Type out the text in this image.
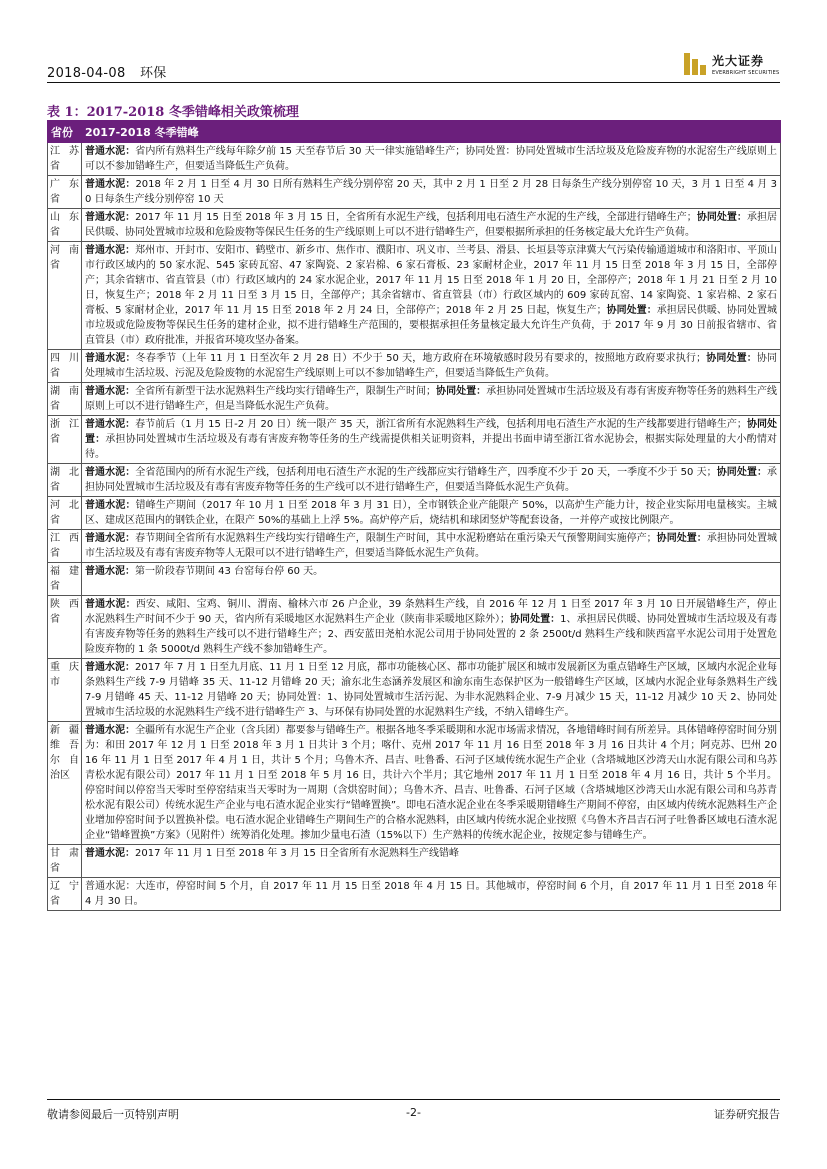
2018-04-08 环保
光大证券
EVERBRIGHT SECURITIES
表 1：2017-2018 冬季错峰相关政策梳理
省份	2017-2018 冬季错峰
江苏省	普通水泥：省内所有熟料生产线每年除夕前 15 天至春节后 30 天一律实施错峰生产；协同处置：协同处置城市生活垃圾及危险废弃物的水泥窑生产线原则上可以不参加错峰生产，但要适当降低生产负荷。
广东省	普通水泥：2018 年 2 月 1 日至 4 月 30 日所有熟料生产线分别停窑 20 天，其中 2 月 1 日至 2 月 28 日每条生产线分别停窑 10 天，3 月 1 日至 4 月 30 日每条生产线分别停窑 10 天
山东省	普通水泥：2017 年 11 月 15 日至 2018 年 3 月 15 日，全省所有水泥生产线，包括利用电石渣生产水泥的生产线，全部进行错峰生产；协同处置：承担居民供暖、协同处置城市垃圾和危险废物等保民生任务的生产线原则上可以不进行错峰生产，但要根据所承担的任务核定最大允许生产负荷。
河南省	普通水泥：郑州市、开封市、安阳市、鹤壁市、新乡市、焦作市、濮阳市、巩义市、兰考县、滑县、长垣县等京津冀大气污染传输通道城市和洛阳市、平顶山市行政区域内的 50 家水泥、545 家砖瓦窑、47 家陶瓷、2 家岩棉、6 家石膏板、23 家耐材企业，2017 年 11 月 15 日至 2018 年 3 月 15 日，全部停产；其余省辖市、省直管县（市）行政区域内的 24 家水泥企业，2017 年 11 月 15 日至 2018 年 1 月 20 日，全部停产；2018 年 1 月 21 日至 2 月 10 日，恢复生产；2018 年 2 月 11 日至 3 月 15 日，全部停产；其余省辖市、省直管县（市）行政区域内的 609 家砖瓦窑、14 家陶瓷、1 家岩棉、2 家石膏板、5 家耐材企业，2017 年 11 月 15 日至 2018 年 2 月 24 日，全部停产；2018 年 2 月 25 日起，恢复生产；协同处置：承担居民供暖、协同处置城市垃圾或危险废物等保民生任务的建材企业，拟不进行错峰生产范围的，要根据承担任务量核定最大允许生产负荷，于 2017 年 9 月 30 日前报省辖市、省直管县（市）政府批准，并报省环境攻坚办备案。
四川省	普通水泥：冬春季节（上年 11 月 1 日至次年 2 月 28 日）不少于 50 天，地方政府在环境敏感时段另有要求的，按照地方政府要求执行；协同处置：协同处理城市生活垃圾、污泥及危险废物的水泥窑生产线原则上可以不参加错峰生产，但要适当降低生产负荷。
湖南省	普通水泥：全省所有新型干法水泥熟料生产线均实行错峰生产，限制生产时间；协同处置：承担协同处置城市生活垃圾及有毒有害废弃物等任务的熟料生产线原则上可以不进行错峰生产，但是当降低水泥生产负荷。
浙江省	普通水泥：春节前后（1 月 15 日-2 月 20 日）统一限产 35 天，浙江省所有水泥熟料生产线，包括利用电石渣生产水泥的生产线都要进行错峰生产；协同处置：承担协同处置城市生活垃圾及有毒有害废弃物等任务的生产线需提供相关证明资料，并提出书面申请至浙江省水泥协会，根据实际处理量的大小酌情对待。
湖北省	普通水泥：全省范围内的所有水泥生产线，包括利用电石渣生产水泥的生产线都应实行错峰生产，四季度不少于 20 天，一季度不少于 50 天；协同处置：承担协同处置城市生活垃圾及有毒有害废弃物等任务的生产线可以不进行错峰生产，但要适当降低水泥生产负荷。
河北省	普通水泥：错峰生产期间（2017 年 10 月 1 日至 2018 年 3 月 31 日），全市钢铁企业产能限产 50%，以高炉生产能力计，按企业实际用电量核实。主城区、建成区范围内的钢铁企业，在限产 50%的基础上上浮 5%。高炉停产后，烧结机和球团竖炉等配套设备，一并停产或按比例限产。
江西省	普通水泥：春节期间全省所有水泥熟料生产线均实行错峰生产，限制生产时间，其中水泥粉磨站在重污染天气预警期间实施停产；协同处置：承担协同处置城市生活垃圾及有毒有害废弃物等人无限可以不进行错峰生产，但要适当降低水泥生产负荷。
福建省	普通水泥：第一阶段春节期间 43 台窑每台停 60 天。
陕西省	普通水泥：西安、咸阳、宝鸡、铜川、渭南、榆林六市 26 户企业，39 条熟料生产线，自 2016 年 12 月 1 日至 2017 年 3 月 10 日开展错峰生产，停止水泥熟料生产时间不少于 90 天，省内所有采暖地区水泥熟料生产企业（陕南非采暖地区除外）；协同处置：1、承担居民供暖、协同处置城市生活垃圾及有毒有害废弃物等任务的熟料生产线可以不进行错峰生产；2、西安蓝田尧柏水泥公司用于协同处置的 2 条 2500t/d 熟料生产线和陕西富平水泥公司用于处置危险废弃物的 1 条 5000t/d 熟料生产线不参加错峰生产。
重庆市	普通水泥：2017 年 7 月 1 日至九月底、11 月 1 日至 12 月底，都市功能核心区、都市功能扩展区和城市发展新区为重点错峰生产区域，区域内水泥企业每条熟料生产线 7-9 月错峰 35 天、11-12 月错峰 20 天；渝东北生态涵养发展区和渝东南生态保护区为一般错峰生产区域，区域内水泥企业每条熟料生产线 7-9 月错峰 45 天、11-12 月错峰 20 天；协同处置：1、协同处置城市生活污泥、为非水泥熟料企业、7-9 月减少 15 天，11-12 月减少 10 天 2、协同处置城市生活垃圾的水泥熟料生产线不进行错峰生产 3、与环保有协同处置的水泥熟料生产线，不纳入错峰生产。
新疆维吾尔自治区	普通水泥：全疆所有水泥生产企业（含兵团）都要参与错峰生产。根据各地冬季采暖期和水泥市场需求情况，各地错峰时间有所差异。具体错峰停窑时间分别为：和田 2017 年 12 月 1 日至 2018 年 3 月 1 日共计 3 个月；喀什、克州 2017 年 11 月 16 日至 2018 年 3 月 16 日共计 4 个月；阿克苏、巴州 2016 年 11 月 1 日至 2017 年 4 月 1 日，共计 5 个月；乌鲁木齐、昌吉、吐鲁番、石河子区域传统水泥生产企业（含塔城地区沙湾天山水泥有限公司和乌苏青松水泥有限公司）2017 年 11 月 1 日至 2018 年 5 月 16 日，共计六个半月；其它地州 2017 年 11 月 1 日至 2018 年 4 月 16 日，共计 5 个半月。停窑时间以停窑当天零时至停窑结束当天零时为一周期（含烘窑时间）；乌鲁木齐、昌吉、吐鲁番、石河子区域（含塔城地区沙湾天山水泥有限公司和乌苏青松水泥有限公司）传统水泥生产企业与电石渣水泥企业实行“错峰置换”。即电石渣水泥企业在冬季采暖期错峰生产期间不停窑，由区域内传统水泥熟料生产企业增加停窑时间予以置换补偿。电石渣水泥企业错峰生产期间生产的合格水泥熟料，由区域内传统水泥企业按照《乌鲁木齐昌吉石河子吐鲁番区域电石渣水泥企业“错峰置换”方案》（见附件）统筹消化处理。掺加少量电石渣（15%以下）生产熟料的传统水泥企业，按规定参与错峰生产。
甘肃省	普通水泥：2017 年 11 月 1 日至 2018 年 3 月 15 日全省所有水泥熟料生产线错峰
辽宁省	普通水泥：大连市，停窑时间 5 个月，自 2017 年 11 月 15 日至 2018 年 4 月 15 日。其他城市，停窑时间 6 个月，自 2017 年 11 月 1 日至 2018 年 4 月 30 日。
敬请参阅最后一页特别声明	-2-	证券研究报告
